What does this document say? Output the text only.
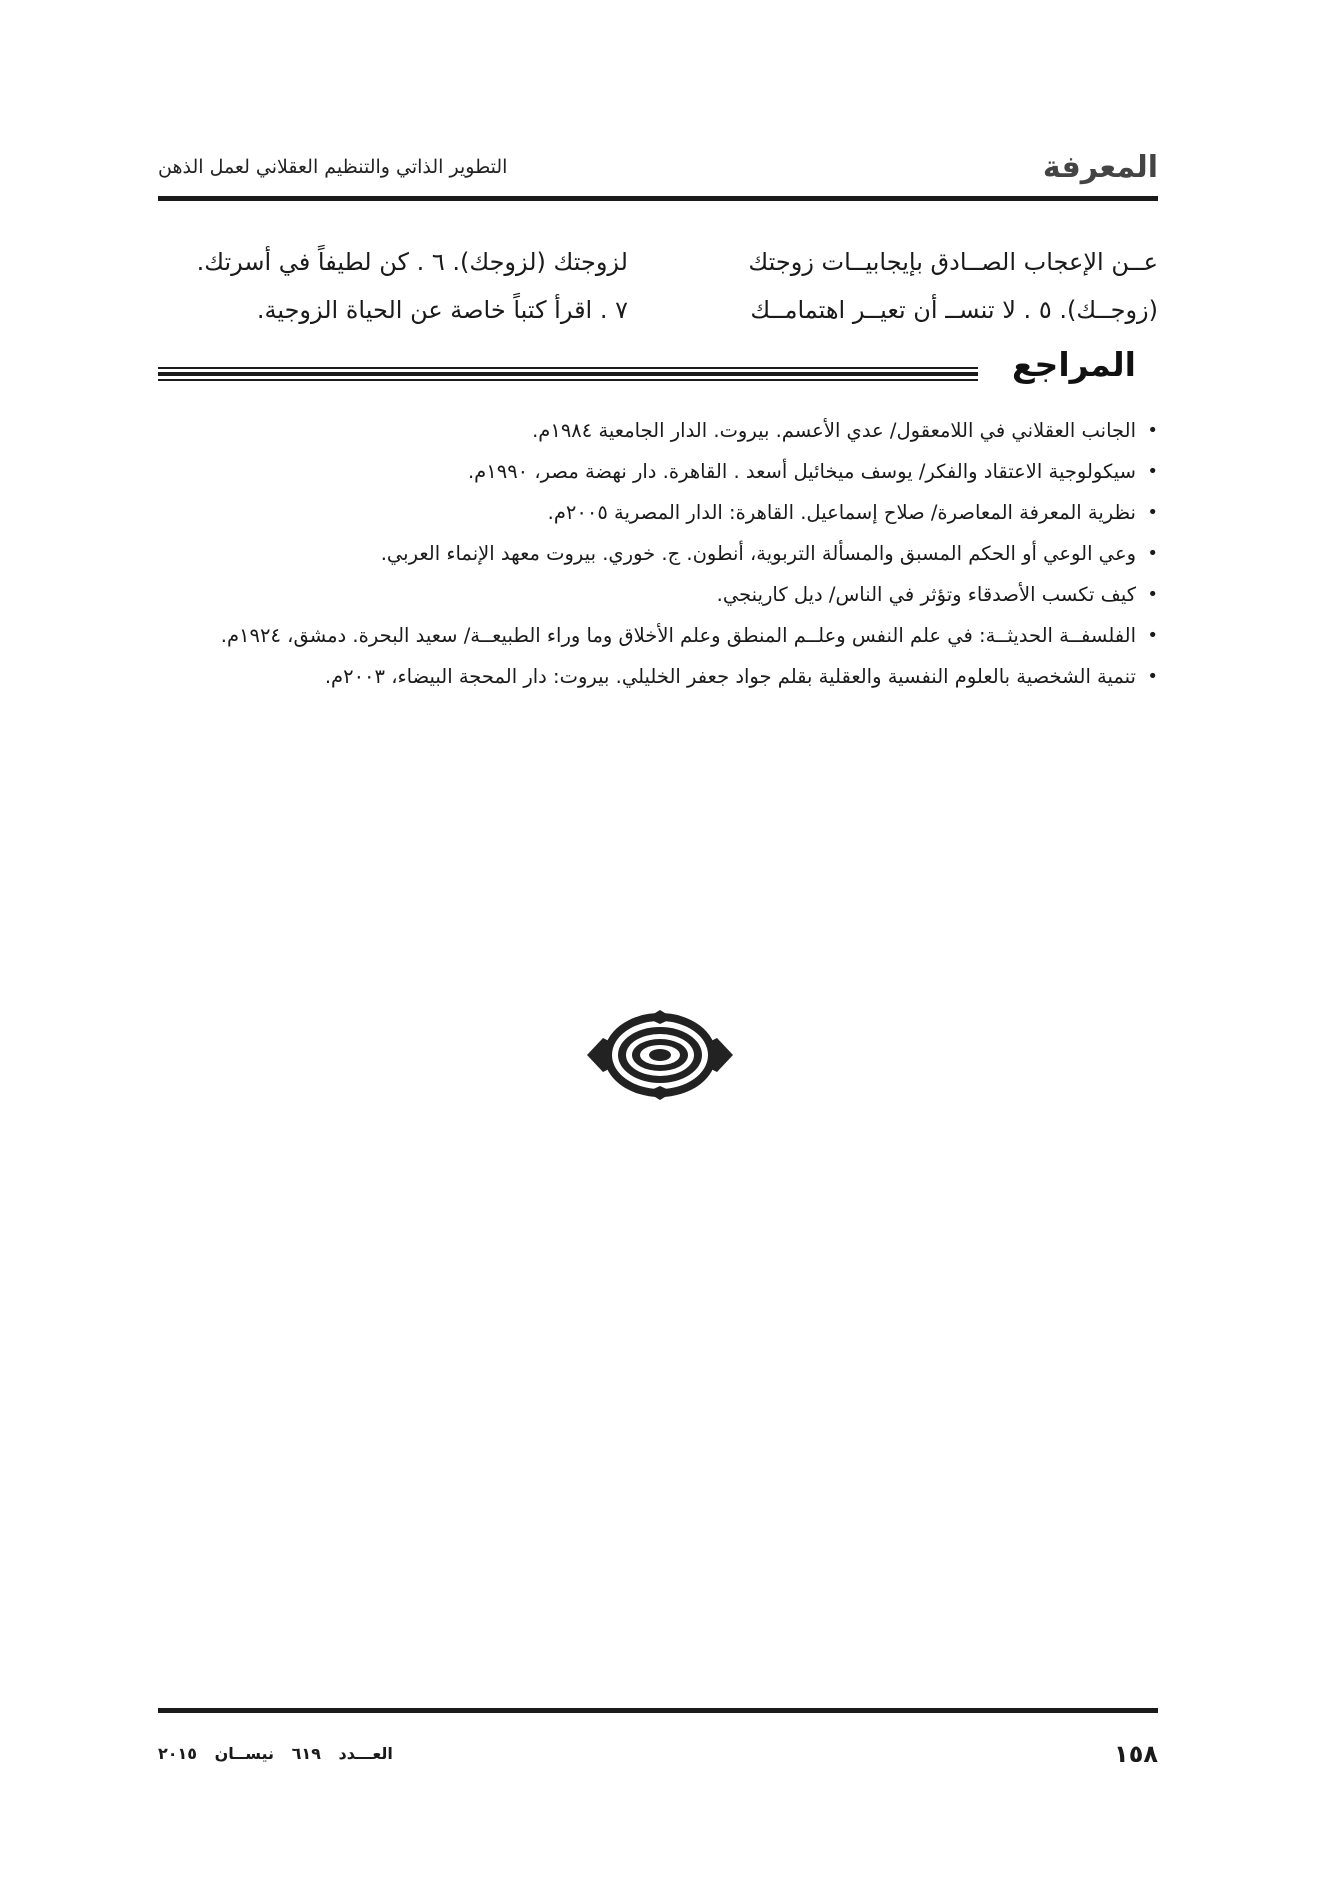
المعرفة
التطوير الذاتي والتنظيم العقلاني لعمل الذهن
عــن الإعجاب الصــادق بإيجابيــات زوجتك
(زوجــك). ٥ . لا تنســ أن تعيــر اهتمامــك
لزوجتك (لزوجك). ٦ . كن لطيفاً في أسرتك.
٧ . اقرأ كتباً خاصة عن الحياة الزوجية.
المراجع
•
الجانب العقلاني في اللامعقول/ عدي الأعسم. بيروت. الدار الجامعية ١٩٨٤م.
•
سيكولوجية الاعتقاد والفكر/ يوسف ميخائيل أسعد . القاهرة. دار نهضة مصر، ١٩٩٠م.
•
نظرية المعرفة المعاصرة/ صلاح إسماعيل. القاهرة: الدار المصرية ٢٠٠٥م.
•
وعي الوعي أو الحكم المسبق والمسألة التربوية، أنطون. ج. خوري. بيروت معهد الإنماء العربي.
•
كيف تكسب الأصدقاء وتؤثر في الناس/ ديل كارينجي.
•
الفلسفــة الحديثــة: في علم النفس وعلــم المنطق وعلم الأخلاق وما وراء الطبيعــة/ سعيد البحرة. دمشق، ١٩٢٤م.
•
تنمية الشخصية بالعلوم النفسية والعقلية بقلم جواد جعفر الخليلي. بيروت: دار المحجة البيضاء، ٢٠٠٣م.
١٥٨
العـــدد ٦١٩ نيســان ٢٠١٥
